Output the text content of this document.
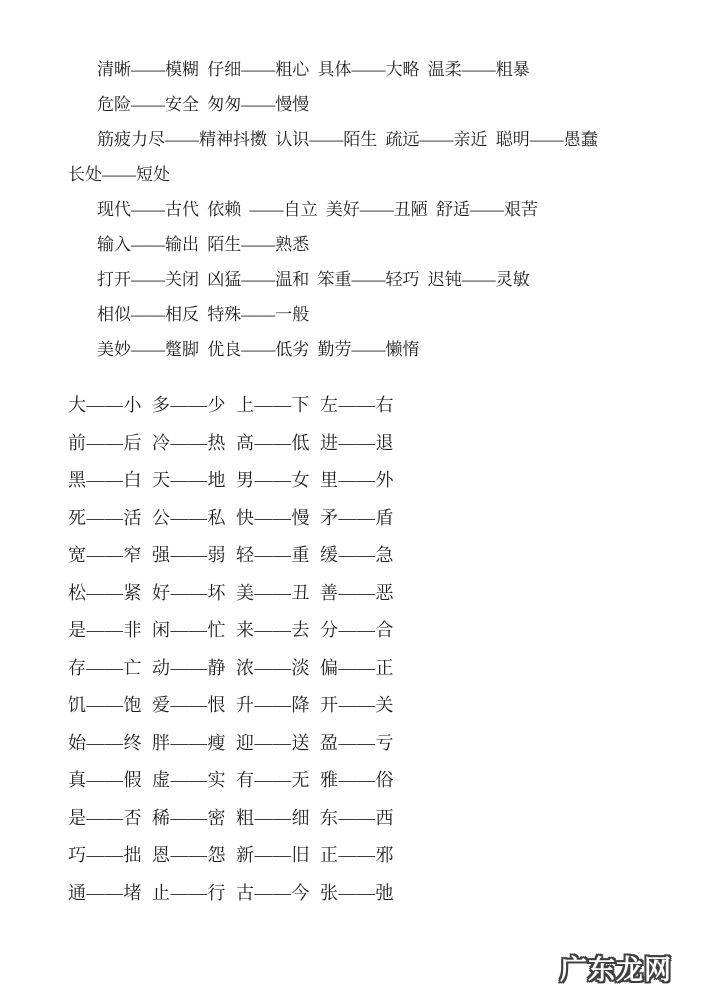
清晰——模糊 仔细——粗心 具体——大略 温柔——粗暴
危险——安全 匆匆——慢慢
筋疲力尽——精神抖擞 认识——陌生 疏远——亲近 聪明——愚蠢
长处——短处
现代——古代 依赖 ——自立 美好——丑陋 舒适——艰苦
输入——输出 陌生——熟悉
打开——关闭 凶猛——温和 笨重——轻巧 迟钝——灵敏
相似——相反 特殊——一般
美妙——蹩脚 优良——低劣 勤劳——懒惰
大——小 多——少 上——下 左——右
前——后 冷——热 高——低 进——退
黑——白 天——地 男——女 里——外
死——活 公——私 快——慢 矛——盾
宽——窄 强——弱 轻——重 缓——急
松——紧 好——坏 美——丑 善——恶
是——非 闲——忙 来——去 分——合
存——亡 动——静 浓——淡 偏——正
饥——饱 爱——恨 升——降 开——关
始——终 胖——瘦 迎——送 盈——亏
真——假 虚——实 有——无 雅——俗
是——否 稀——密 粗——细 东——西
巧——拙 恩——怨 新——旧 正——邪
通——堵 止——行 古——今 张——弛
广东龙网
